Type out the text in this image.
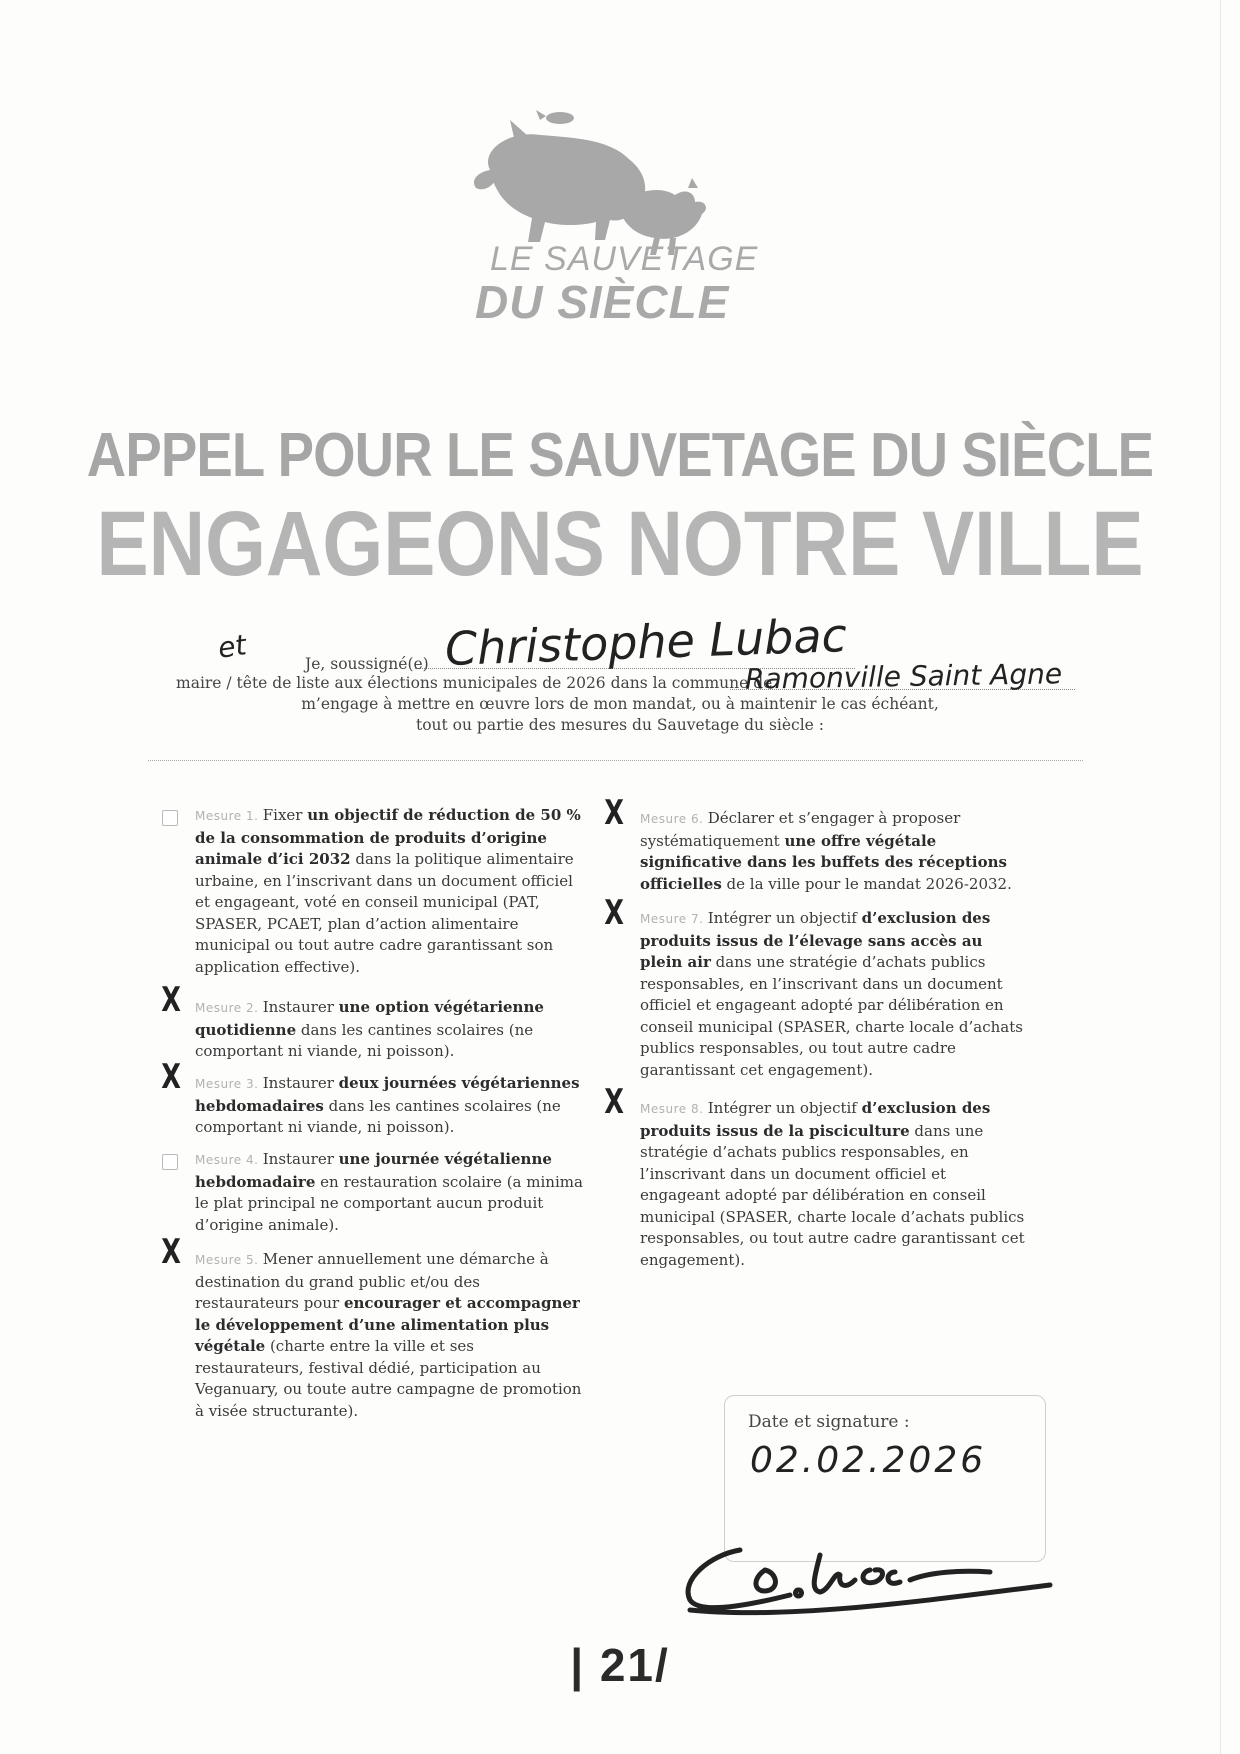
LE SAUVETAGE
DU SIÈCLE
APPEL POUR LE SAUVETAGE DU SIÈCLE
ENGAGEONS NOTRE VILLE
Je, soussigné(e) Christophe Lubac
et
maire / tête de liste aux élections municipales de 2026 dans la commune de
Ramonville Saint Agne
m’engage à mettre en œuvre lors de mon mandat, ou à maintenir le cas échéant,
tout ou partie des mesures du Sauvetage du siècle :
Mesure 1. Fixer un objectif de réduction de 50 % de la consommation de produits d’origine animale d’ici 2032 dans la politique alimentaire urbaine, en l’inscrivant dans un document officiel et engageant, voté en conseil municipal (PAT, SPASER, PCAET, plan d’action alimentaire municipal ou tout autre cadre garantissant son application effective).
X Mesure 2. Instaurer une option végétarienne quotidienne dans les cantines scolaires (ne comportant ni viande, ni poisson).
X Mesure 3. Instaurer deux journées végétariennes hebdomadaires dans les cantines scolaires (ne comportant ni viande, ni poisson).
Mesure 4. Instaurer une journée végétalienne hebdomadaire en restauration scolaire (a minima le plat principal ne comportant aucun produit d’origine animale).
X Mesure 5. Mener annuellement une démarche à destination du grand public et/ou des restaurateurs pour encourager et accompagner le développement d’une alimentation plus végétale (charte entre la ville et ses restaurateurs, festival dédié, participation au Veganuary, ou toute autre campagne de promotion à visée structurante).
X Mesure 6. Déclarer et s’engager à proposer systématiquement une offre végétale significative dans les buffets des réceptions officielles de la ville pour le mandat 2026-2032.
X Mesure 7. Intégrer un objectif d’exclusion des produits issus de l’élevage sans accès au plein air dans une stratégie d’achats publics responsables, en l’inscrivant dans un document officiel et engageant adopté par délibération en conseil municipal (SPASER, charte locale d’achats publics responsables, ou tout autre cadre garantissant cet engagement).
X Mesure 8. Intégrer un objectif d’exclusion des produits issus de la pisciculture dans une stratégie d’achats publics responsables, en l’inscrivant dans un document officiel et engageant adopté par délibération en conseil municipal (SPASER, charte locale d’achats publics responsables, ou tout autre cadre garantissant cet engagement).
Date et signature :
02.02.2026
| 21/
